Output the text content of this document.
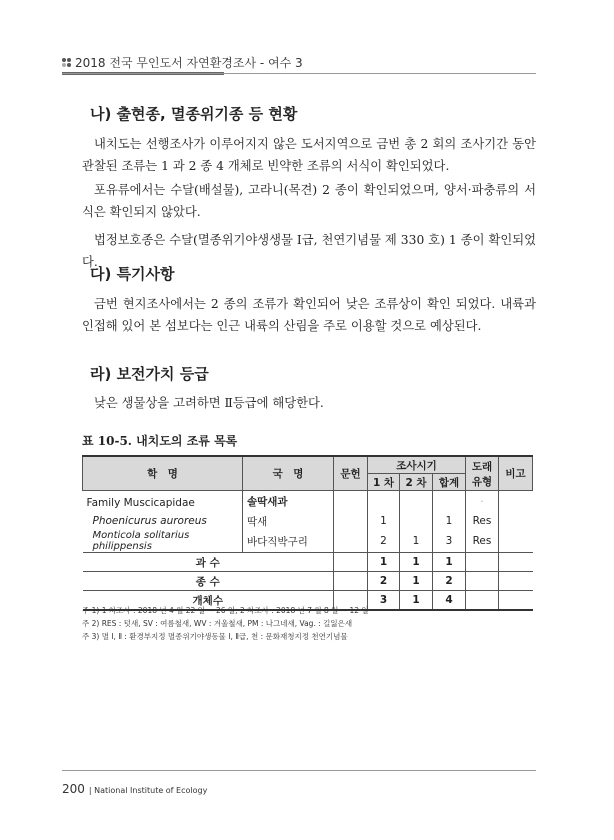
2018 전국 무인도서 자연환경조사 - 여수 3
나) 출현종, 멸종위기종 등 현황
내치도는 선행조사가 이루어지지 않은 도서지역으로 금번 총 2 회의 조사기간 동안 관찰된 조류는 1 과 2 종 4 개체로 빈약한 조류의 서식이 확인되었다.
포유류에서는 수달(배설물), 고라니(목견) 2 종이 확인되었으며, 양서·파충류의 서식은 확인되지 않았다.
법정보호종은 수달(멸종위기야생생물 Ⅰ급, 천연기념물 제 330 호) 1 종이 확인되었다.
다) 특기사항
금번 현지조사에서는 2 종의 조류가 확인되어 낮은 조류상이 확인 되었다. 내륙과 인접해 있어 본 섬보다는 인근 내륙의 산림을 주로 이용할 것으로 예상된다.
라) 보전가치 등급
낮은 생물상을 고려하면 Ⅱ등급에 해당한다.
표 10-5. 내치도의 조류 목록
학　명	국　명	문헌	조사시기			도래 유형	비고
			1 차	2 차	합계		
Family Muscicapidae	솔딱새과					·	
Phoenicurus auroreus	딱새		1		1	Res	
Monticola solitarius philippensis	바다직박구리		2	1	3	Res	
과 수			1	1	1		
종 수			2	1	2		
개체수			3	1	4		
주 1) 1 차조사 : 2018 년 4 월 22 일 ~ 26 일, 2 차조사 : 2018 년 7 월 8 일 ~ 12 일
주 2) RES : 텃새, SV : 여름철새, WV : 겨울철새, PM : 나그네새, Vag. : 길잃은새
주 3) 멸 Ⅰ, Ⅱ : 환경부지정 멸종위기야생동물 Ⅰ, Ⅱ급, 천 : 문화재청지정 천연기념물
200 | National Institute of Ecology
